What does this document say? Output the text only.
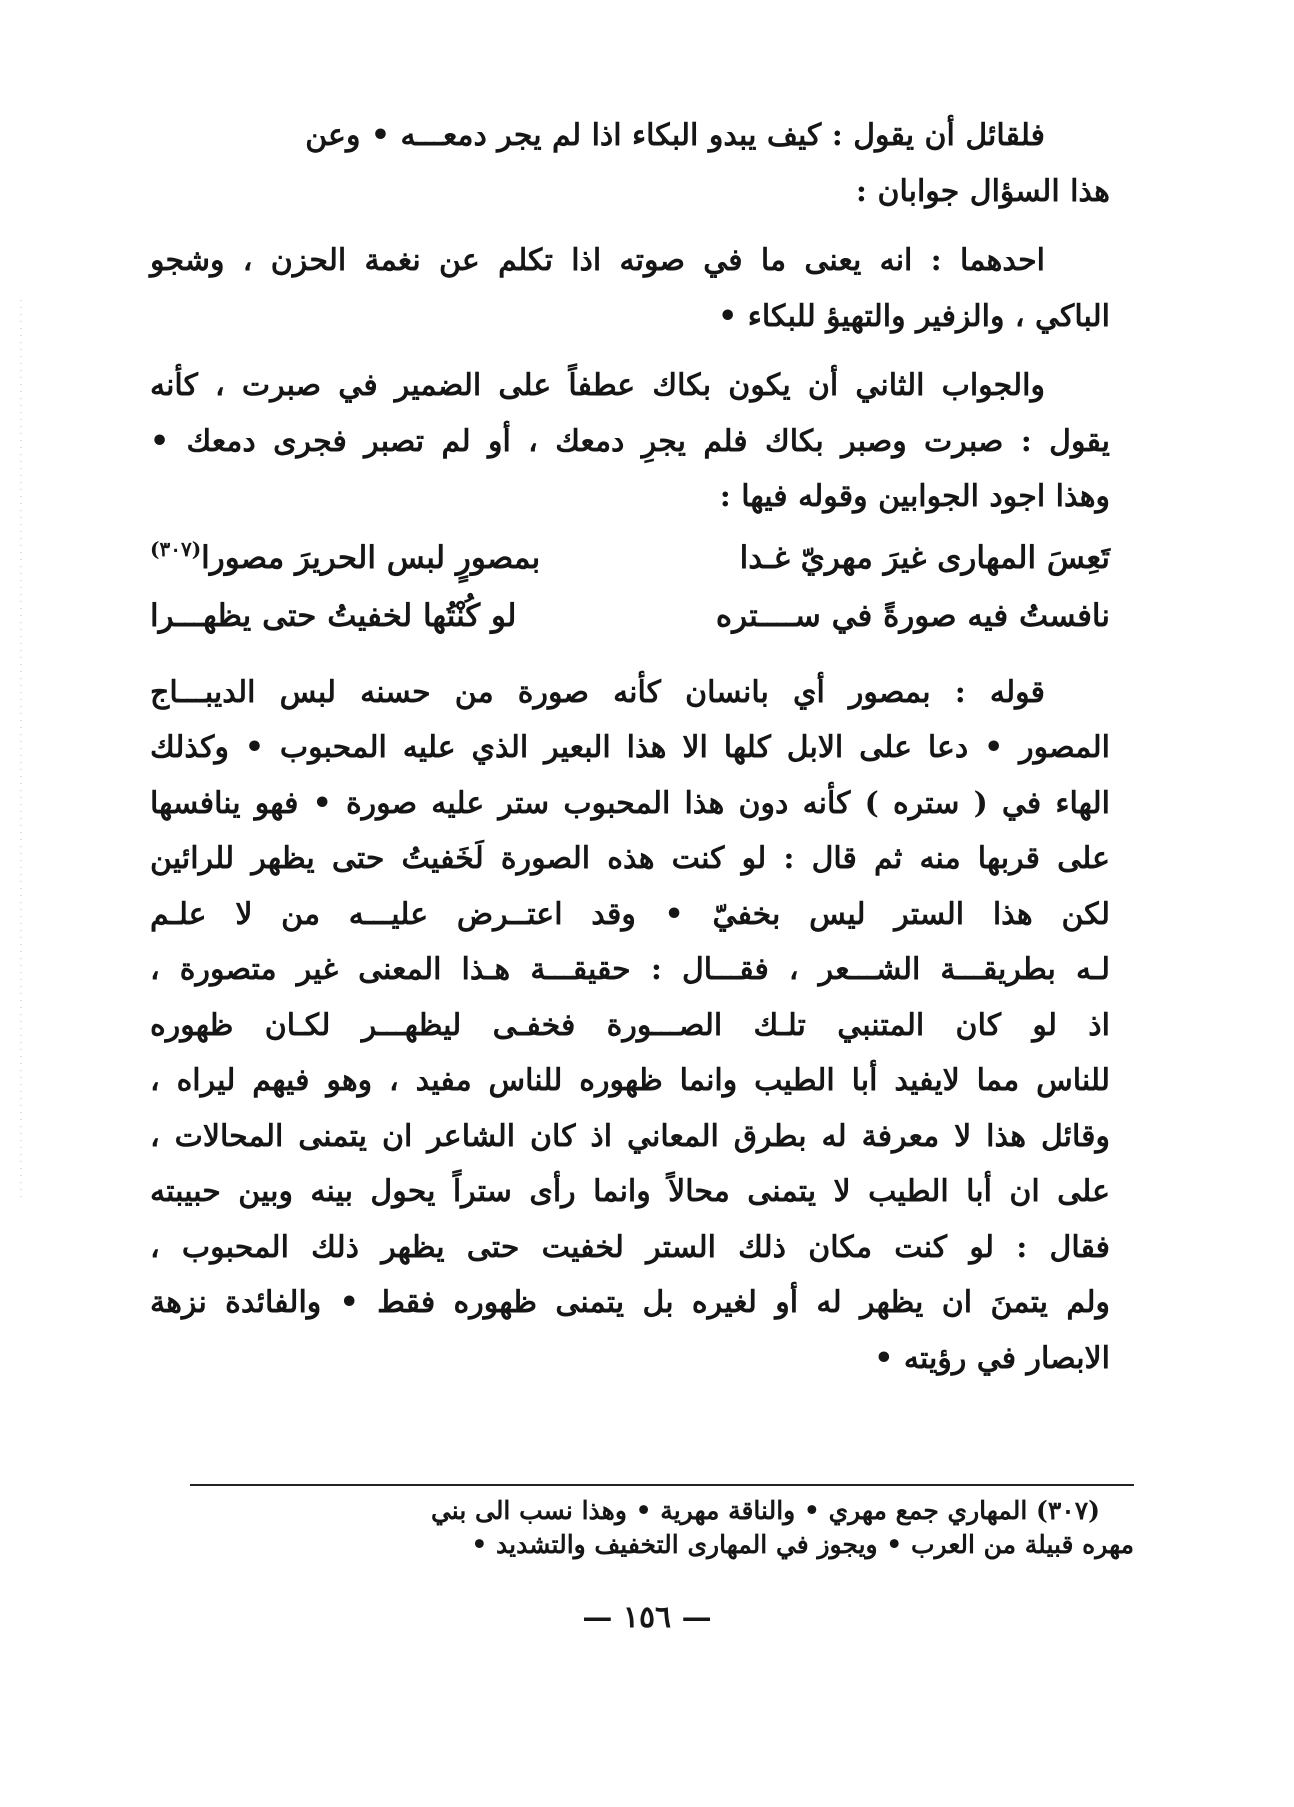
فلقائل أن يقول : كيف يبدو البكاء اذا لم يجر دمعـــه • وعن
هذا السؤال جوابان :
احدهما : انه يعنى ما في صوته اذا تكلم عن نغمة الحزن ، وشجو
الباكي ، والزفير والتهيؤ للبكاء •
والجواب الثاني أن يكون بكاك عطفاً على الضمير في صبرت ، كأنه
يقول : صبرت وصبر بكاك فلم يجرِ دمعك ، أو لم تصبر فجرى دمعك •
وهذا اجود الجوابين وقوله فيها :
تَعِسَ المهارى غيرَ مهريّ غـدا
بمصورٍ لبس الحريرَ مصورا$^{(٣٠٧)}$
نافستُ فيه صورةً في ســــتره
لو كُنْتُها لخفيتُ حتى يظهـــرا
قوله : بمصور أي بانسان كأنه صورة من حسنه لبس الديبـــاج
المصور • دعا على الابل كلها الا هذا البعير الذي عليه المحبوب • وكذلك
الهاء في ( ستره ) كأنه دون هذا المحبوب ستر عليه صورة • فهو ينافسها
على قربها منه ثم قال : لو كنت هذه الصورة لَخَفيتُ حتى يظهر للرائين
لكن هذا الستر ليس بخفيّ • وقد اعتــرض عليـــه من لا علـم
لـه بطريقـــة الشـــعر ، فقـــال : حقيقـــة هـذا المعنى غير متصورة ،
اذ لو كان المتنبي تلـك الصـــورة فخفـى ليظهـــر لكـان ظهوره
للناس مما لايفيد أبا الطيب وانما ظهوره للناس مفيد ، وهو فيهم ليراه ،
وقائل هذا لا معرفة له بطرق المعاني اذ كان الشاعر ان يتمنى المحالات ،
على ان أبا الطيب لا يتمنى محالاً وانما رأى ستراً يحول بينه وبين حبيبته
فقال : لو كنت مكان ذلك الستر لخفيت حتى يظهر ذلك المحبوب ،
ولم يتمنَ ان يظهر له أو لغيره بل يتمنى ظهوره فقط • والفائدة نزهة
الابصار في رؤيته •
(٣٠٧) المهاري جمع مهري • والناقة مهرية • وهذا نسب الى بني
مهره قبيلة من العرب • ويجوز في المهارى التخفيف والتشديد •
— ١٥٦ —
